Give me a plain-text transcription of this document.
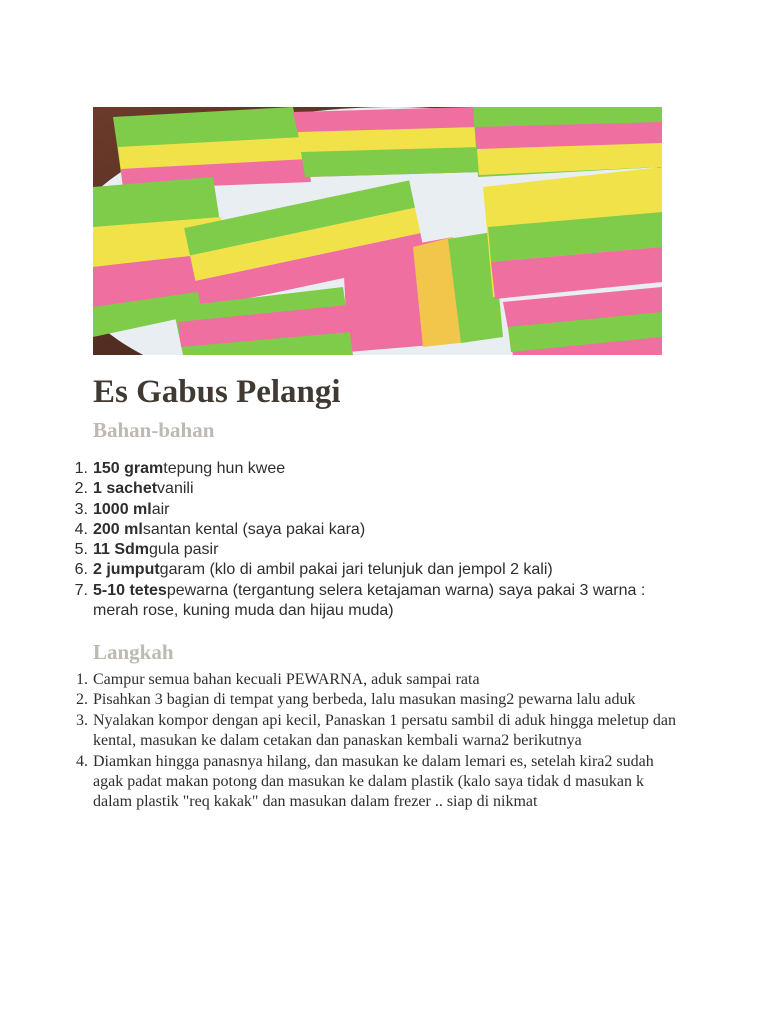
Es Gabus Pelangi
Bahan-bahan
1. 150 gramtepung hun kwee
2. 1 sachetvanili
3. 1000 mlair
4. 200 mlsantan kental (saya pakai kara)
5. 11 Sdmgula pasir
6. 2 jumputgaram (klo di ambil pakai jari telunjuk dan jempol 2 kali)
7. 5-10 tetespewarna (tergantung selera ketajaman warna) saya pakai 3 warna : merah rose, kuning muda dan hijau muda)
Langkah
1. Campur semua bahan kecuali PEWARNA, aduk sampai rata
2. Pisahkan 3 bagian di tempat yang berbeda, lalu masukan masing2 pewarna lalu aduk
3. Nyalakan kompor dengan api kecil, Panaskan 1 persatu sambil di aduk hingga meletup dan kental, masukan ke dalam cetakan dan panaskan kembali warna2 berikutnya
4. Diamkan hingga panasnya hilang, dan masukan ke dalam lemari es, setelah kira2 sudah agak padat makan potong dan masukan ke dalam plastik (kalo saya tidak d masukan k dalam plastik "req kakak" dan masukan dalam frezer .. siap di nikmat
